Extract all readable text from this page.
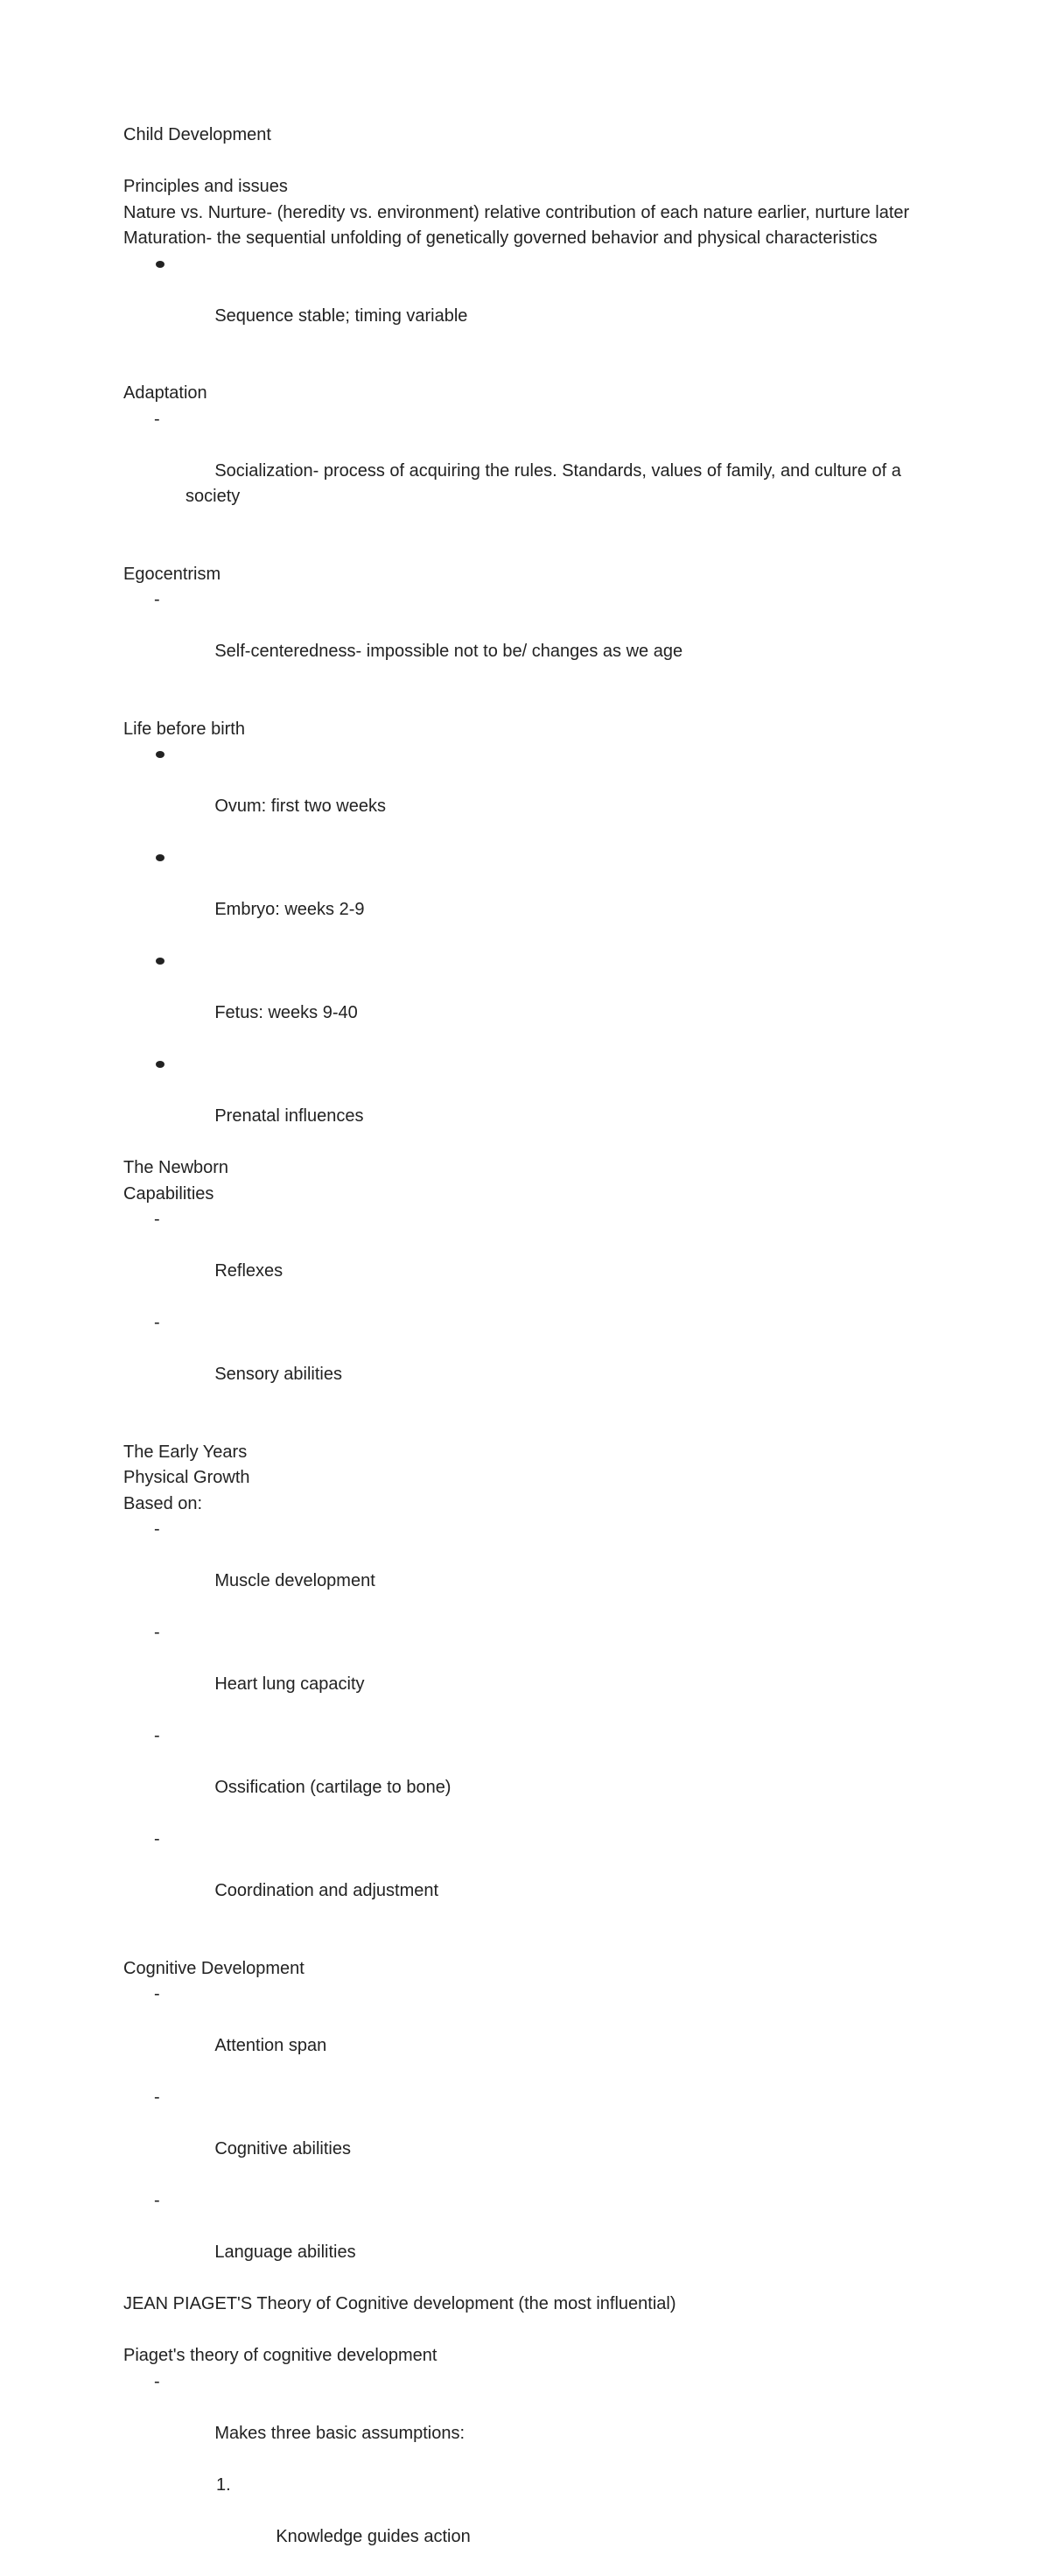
Child Development
Principles and issues
Nature vs. Nurture- (heredity vs. environment) relative contribution of each nature earlier, nurture later
Maturation- the sequential unfolding of genetically governed behavior and physical characteristics

Sequence stable; timing variable

Adaptation

-

Socialization- process of acquiring the rules. Standards, values of family, and culture of a society

Egocentrism

-

Self-centeredness- impossible not to be/ changes as we age

Life before birth

Ovum: first two weeks

Embryo: weeks 2-9

Fetus: weeks 9-40

Prenatal influences

The Newborn
Capabilities

-

Reflexes

-

Sensory abilities

The Early Years
Physical Growth
Based on:

-

Muscle development

-

Heart lung capacity

-

Ossification (cartilage to bone)

-

Coordination and adjustment

Cognitive Development

-

Attention span

-

Cognitive abilities

-

Language abilities

JEAN PIAGET'S Theory of Cognitive development (the most influential)
Piaget's theory of cognitive development

-

Makes three basic assumptions:

1.

Knowledge guides action
